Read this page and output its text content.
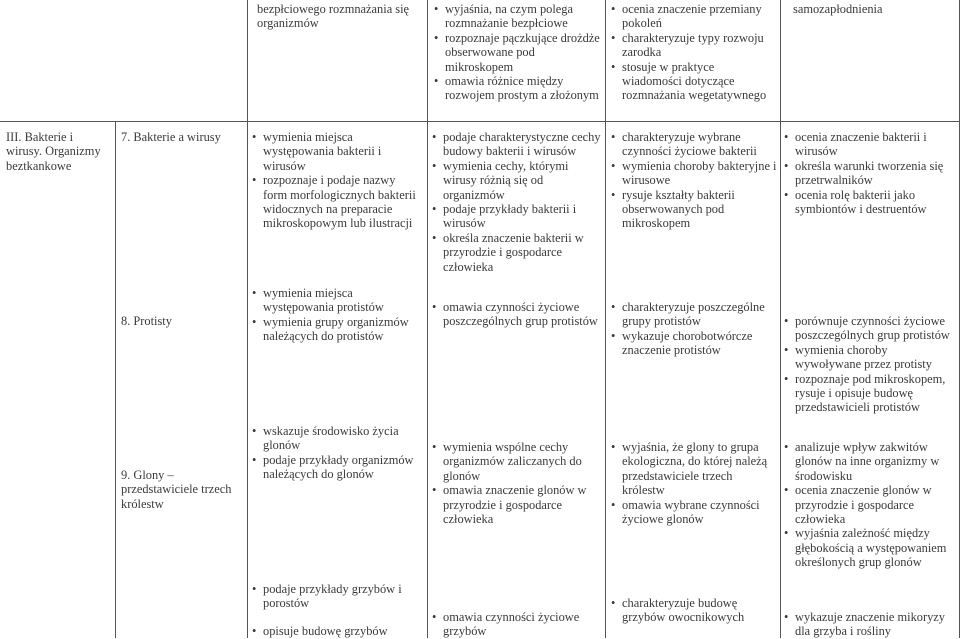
bezpłciowego rozmnażania się organizmów
• wyjaśnia, na czym polega rozmnażanie bezpłciowe
• rozpoznaje pączkujące drożdże obserwowane pod mikroskopem
• omawia różnice między rozwojem prostym a złożonym
• ocenia znaczenie przemiany pokoleń
• charakteryzuje typy rozwoju zarodka
• stosuje w praktyce wiadomości dotyczące rozmnażania wegetatywnego
samozapłodnienia
III. Bakterie i wirusy. Organizmy beztkankowe
7. Bakterie a wirusy
•	wymienia miejsca występowania bakterii i wirusów
• rozpoznaje i podaje nazwy form morfologicznych bakterii widocznych na preparacie mikroskopowym lub ilustracji
• podaje charakterystyczne cechy budowy bakterii i wirusów
• wymienia cechy, którymi wirusy różnią się od organizmów
• podaje przykłady bakterii i wirusów
• określa znaczenie bakterii w przyrodzie i gospodarce człowieka
• charakteryzuje wybrane czynności życiowe bakterii
• wymienia choroby bakteryjne i wirusowe
• rysuje kształty bakterii obserwowanych pod mikroskopem
• ocenia znaczenie bakterii i wirusów
• określa warunki tworzenia się przetrwalników
• ocenia rolę bakterii jako symbiontów i destruentów
8. Protisty
• wymienia miejsca występowania protistów
• wymienia grupy organizmów należących do protistów
• omawia czynności życiowe poszczególnych grup protistów
• charakteryzuje poszczególne grupy protistów
• wykazuje chorobotwórcze znaczenie protistów
• porównuje czynności życiowe poszczególnych grup protistów
• wymienia choroby wywoływane przez protisty
• rozpoznaje pod mikroskopem, rysuje i opisuje budowę przedstawicieli protistów
9. Glony – przedstawiciele trzech królestw
• wskazuje środowisko życia glonów
• podaje przykłady organizmów należących do glonów
• podaje przykłady grzybów i porostów
• opisuje budowę grzybów
• wymienia wspólne cechy organizmów zaliczanych do glonów
• omawia znaczenie glonów w przyrodzie i gospodarce człowieka
• omawia czynności życiowe grzybów
• wyjaśnia, że glony to grupa ekologiczna, do której należą przedstawiciele trzech królestw
• omawia wybrane czynności życiowe glonów
• charakteryzuje budowę grzybów owocnikowych
• analizuje wpływ zakwitów glonów na inne organizmy w środowisku
• ocenia znaczenie glonów w przyrodzie i gospodarce człowieka
• wyjaśnia zależność między głębokością a występowaniem określonych grup glonów
• wykazuje znaczenie mikoryzy dla grzyba i rośliny
